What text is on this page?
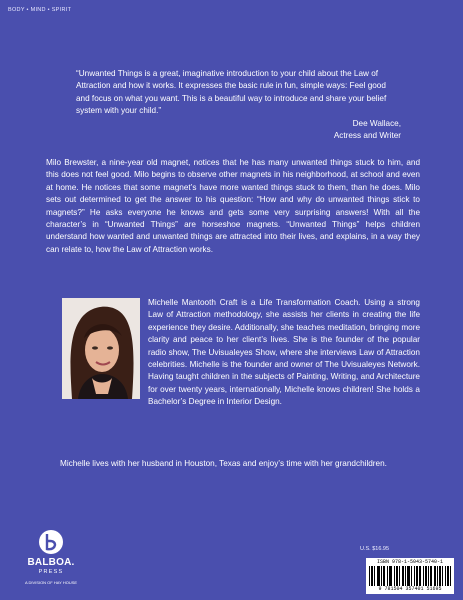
BODY • MIND • SPIRIT
“Unwanted Things is a great, imaginative introduction to your child about the Law of Attraction and how it works. It expresses the basic rule in fun, simple ways: Feel good and focus on what you want. This is a beautiful way to introduce and share your belief system with your child.”
Dee Wallace,
Actress and Writer
Milo Brewster, a nine-year old magnet, notices that he has many unwanted things stuck to him, and this does not feel good. Milo begins to observe other magnets in his neighborhood, at school and even at home. He notices that some magnet’s have more wanted things stuck to them, than he does. Milo sets out determined to get the answer to his question: “How and why do unwanted things stick to magnets?” He asks everyone he knows and gets some very surprising answers! With all the character’s in “Unwanted Things” are horseshoe magnets. “Unwanted Things” helps children understand how wanted and unwanted things are attracted into their lives, and explains, in a way they can relate to, how the Law of Attraction works.
Michelle Mantooth Craft is a Life Transformation Coach. Using a strong Law of Attraction methodology, she assists her clients in creating the life experience they desire. Additionally, she teaches meditation, bringing more clarity and peace to her client’s lives. She is the founder of the popular radio show, The Uvisualeyes Show, where she interviews Law of Attraction celebrities. Michelle is the founder and owner of The Uvisualeyes Network. Having taught children in the subjects of Painting, Writing, and Architecture for over twenty years, internationally, Michelle knows children! She holds a Bachelor’s Degree in Interior Design.
Michelle lives with her husband in Houston, Texas and enjoy’s time with her grandchildren.
BALBOA.
PRESS
A DIVISION OF HAY HOUSE
U.S. $16.95
ISBN 978-1-5043-5740-1
9 781504 357401 51695
